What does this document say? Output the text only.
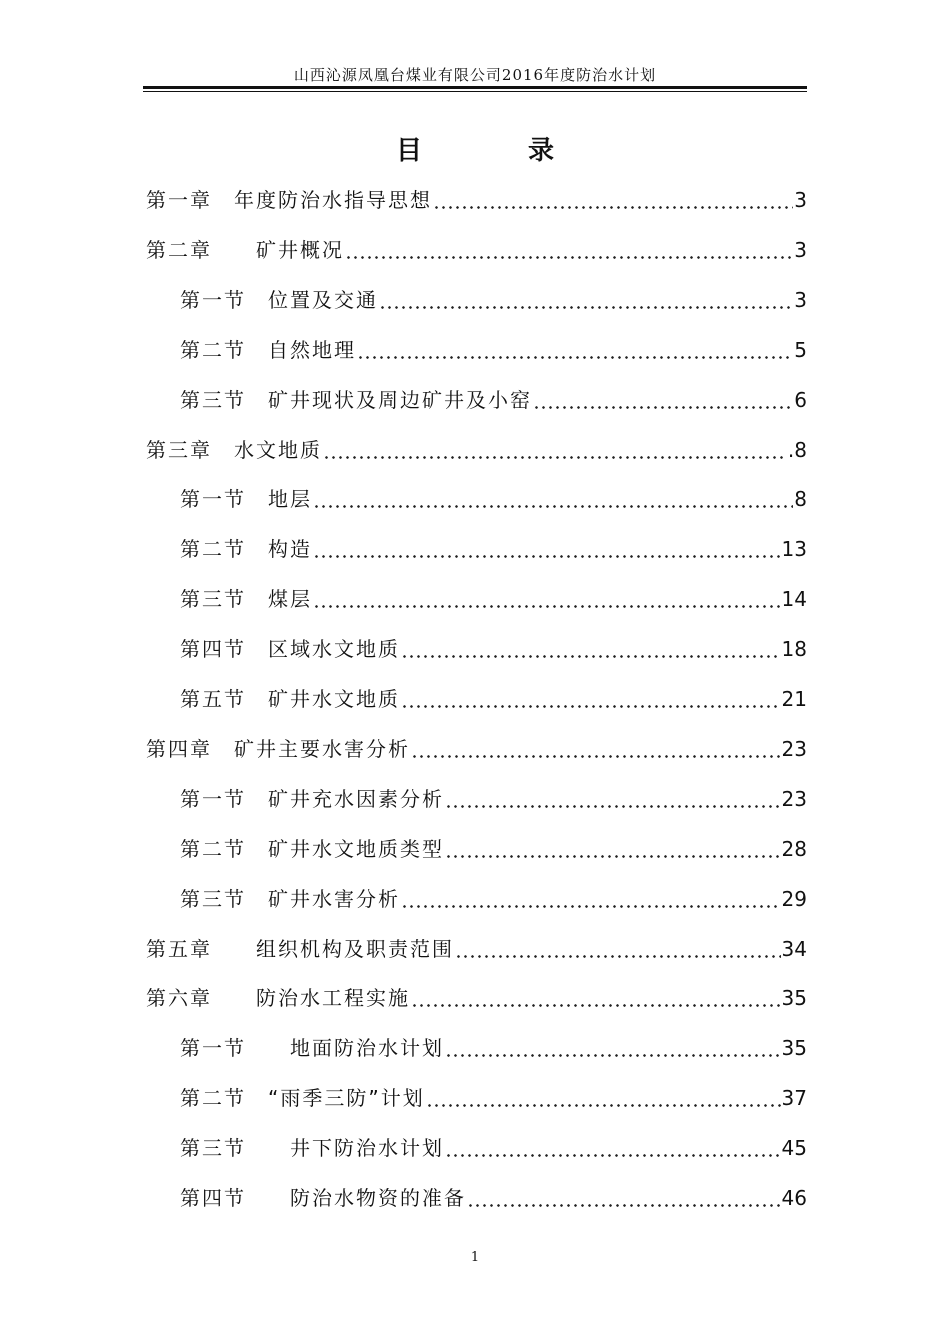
山西沁源凤凰台煤业有限公司2016年度防治水计划
目　录
第一章　年度防治水指导思想	3
第二章　　矿井概况	3
第一节　位置及交通	3
第二节　自然地理	5
第三节　矿井现状及周边矿井及小窑	6
第三章　水文地质	.8
第一节　地层	8
第二节　构造	13
第三节　煤层	14
第四节　区域水文地质	18
第五节　矿井水文地质	21
第四章　矿井主要水害分析	23
第一节　矿井充水因素分析	23
第二节　矿井水文地质类型	28
第三节　矿井水害分析	29
第五章　　组织机构及职责范围	34
第六章　　防治水工程实施	35
第一节　　地面防治水计划	35
第二节　“雨季三防”计划	37
第三节　　井下防治水计划	45
第四节　　防治水物资的准备	46
1
